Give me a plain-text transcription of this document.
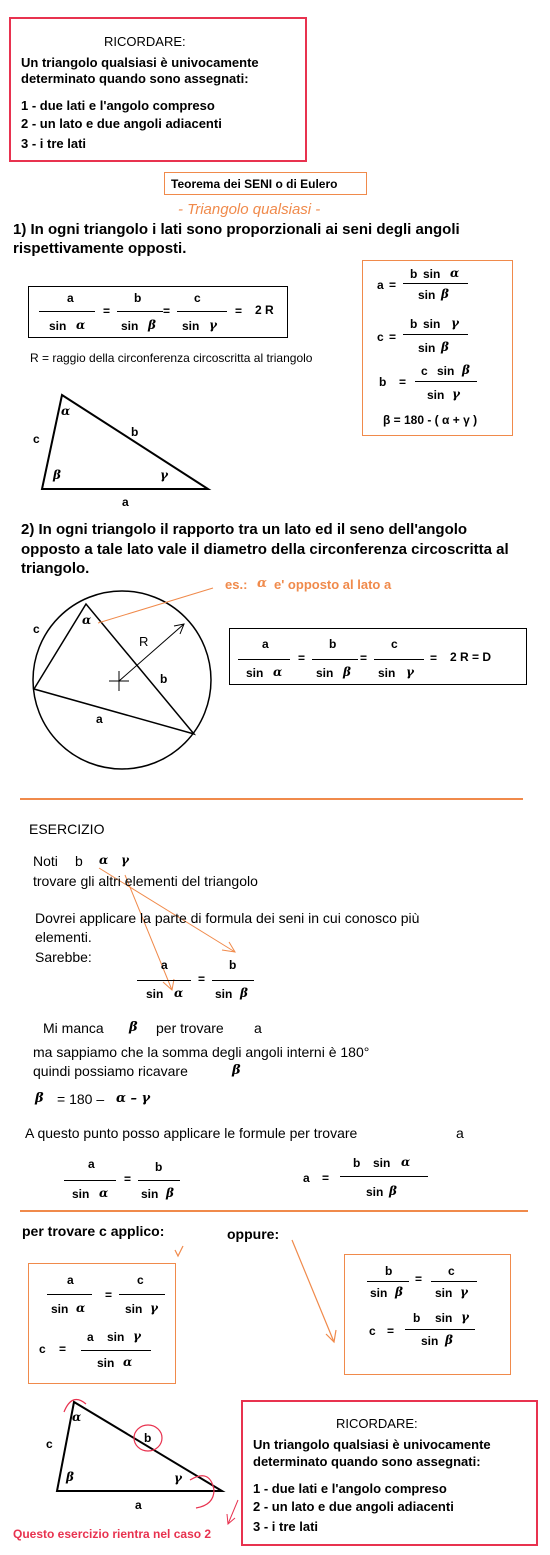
RICORDARE:
Un triangolo qualsiasi è univocamente
determinato quando sono assegnati:
1 - due lati e l'angolo compreso
2 - un lato e due angoli adiacenti
3 - i tre lati
Teorema dei SENI o di Eulero
- Triangolo qualsiasi -
1) In ogni triangolo i lati sono proporzionali ai seni degli angoli
rispettivamente opposti.
a
sin α
=
b
sin β
=
c
sin γ
= 2 R
R = raggio della circonferenza circoscritta al triangolo
a =
b sin α
sin β
c =
b sin γ
sin β
b =
c sin β
sin γ
β = 180 - ( α + γ )
α
c	b
β	γ
a
2) In ogni triangolo il rapporto tra un lato ed il seno dell'angolo
opposto a tale lato vale il diametro della circonferenza circoscritta al
triangolo.
es.: α e' opposto al lato a
c
α
R
b
a
a
sin α
=
b
sin β
=
c
sin γ
= 2 R = D
ESERCIZIO
Noti b α γ
trovare gli altri elementi del triangolo
Dovrei applicare la parte di formula dei seni in cui conosco più
elementi.
Sarebbe:	a
sin α
=
b
sin β
Mi manca β per trovare a
ma sappiamo che la somma degli angoli interni è 180°
quindi possiamo ricavare	β
β = 180 – α – γ
A questo punto posso applicare le formule per trovare	a
a
sin α
=
b
sin β
a =
b sin α
sin β
per trovare c applico:	oppure:
a
sin α
=
c
sin γ
c =
a sin γ
sin α
b
sin β
=
c
sin γ
c =
b sin γ
sin β
α
c	b
β	γ
a
Questo esercizio rientra nel caso 2
RICORDARE:
Un triangolo qualsiasi è univocamente
determinato quando sono assegnati:
1 - due lati e l'angolo compreso
2 - un lato e due angoli adiacenti
3 - i tre lati
